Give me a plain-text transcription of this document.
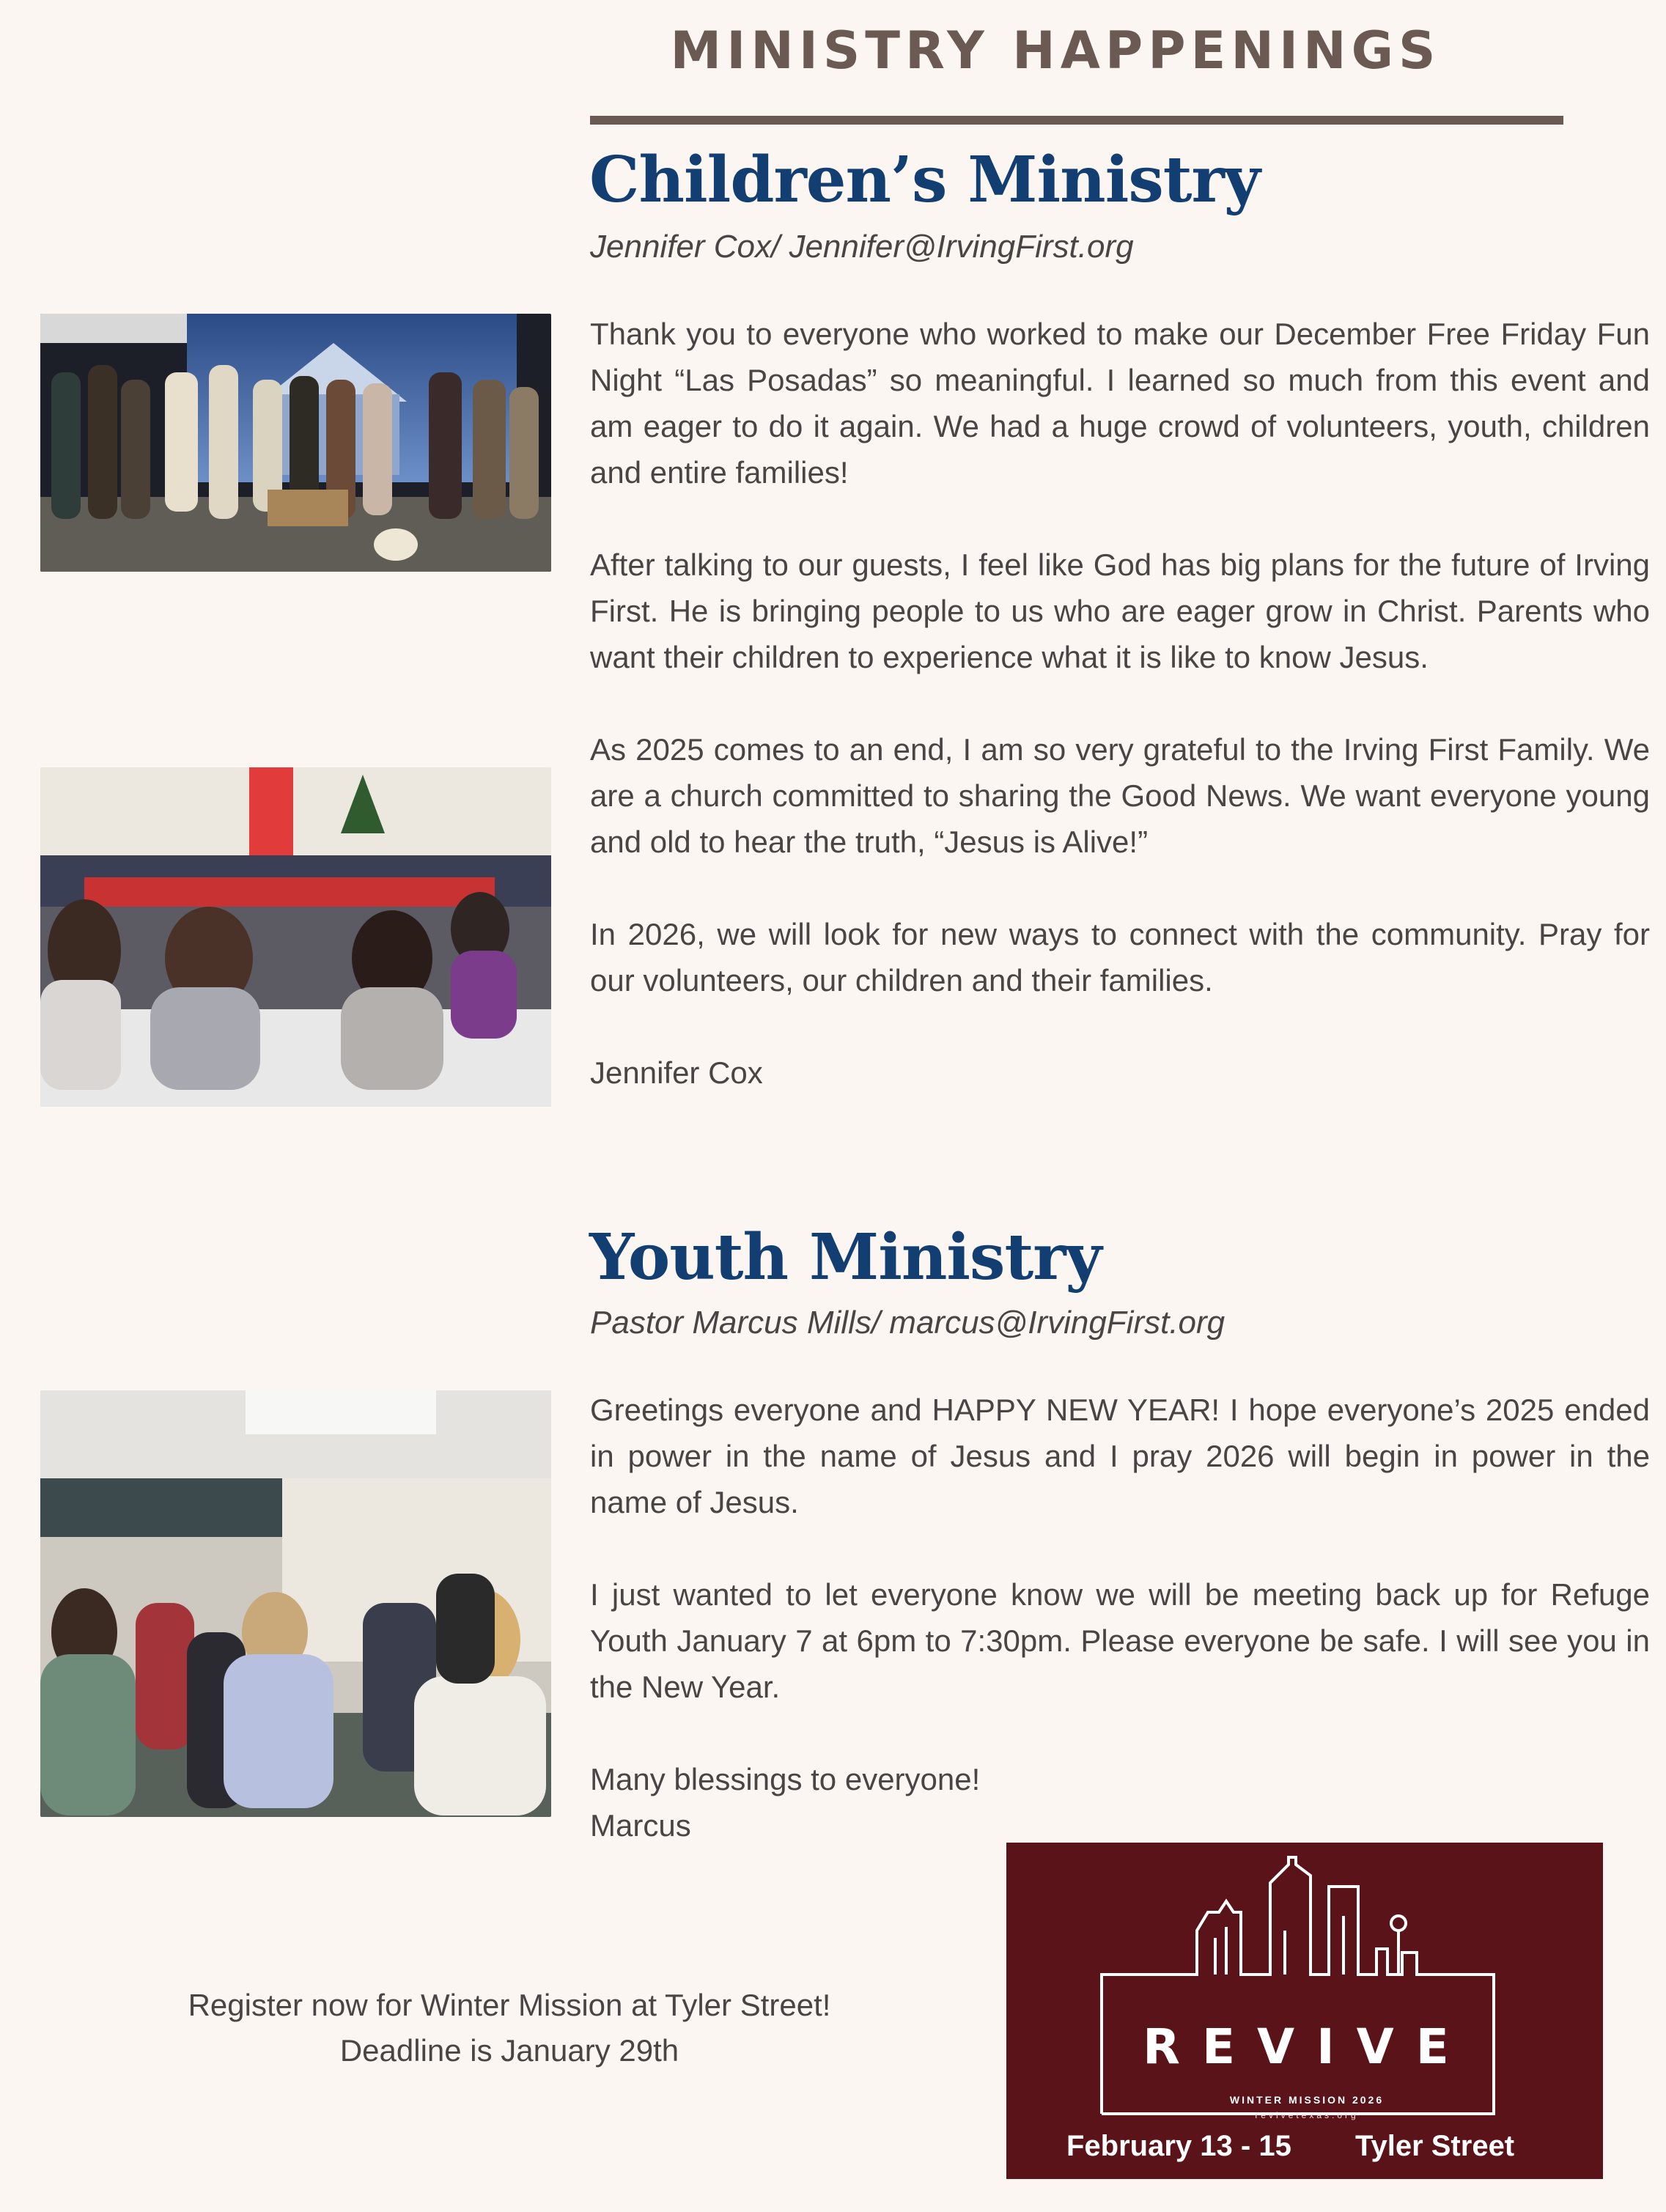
MINISTRY HAPPENINGS
Children’s Ministry

Jennifer Cox/ Jennifer@IrvingFirst.org

Thank you to everyone who worked to make our December Free Friday Fun Night “Las Posadas” so meaningful. I learned so much from this event and am eager to do it again. We had a huge crowd of volunteers, youth, children and entire families!

After talking to our guests, I feel like God has big plans for the future of Irving First. He is bringing people to us who are eager grow in Christ. Parents who want their children to experience what it is like to know Jesus.

As 2025 comes to an end, I am so very grateful to the Irving First Family. We are a church committed to sharing the Good News. We want everyone young and old to hear the truth, “Jesus is Alive!”

In 2026, we will look for new ways to connect with the community. Pray for our volunteers, our children and their families.

Jennifer Cox

Youth Ministry

Pastor Marcus Mills/ marcus@IrvingFirst.org

Greetings everyone and HAPPY NEW YEAR! I hope everyone’s 2025 ended in power in the name of Jesus and I pray 2026 will begin in power in the name of Jesus.

I just wanted to let everyone know we will be meeting back up for Refuge Youth January 7 at 6pm to 7:30pm. Please everyone be safe. I will see you in the New Year.

Many blessings to everyone!

Marcus

Register now for Winter Mission at Tyler Street!
Deadline is January 29th	REVIVE
WINTER MISSION 2026
revivetexas.org
February 13 - 15 Tyler Street
